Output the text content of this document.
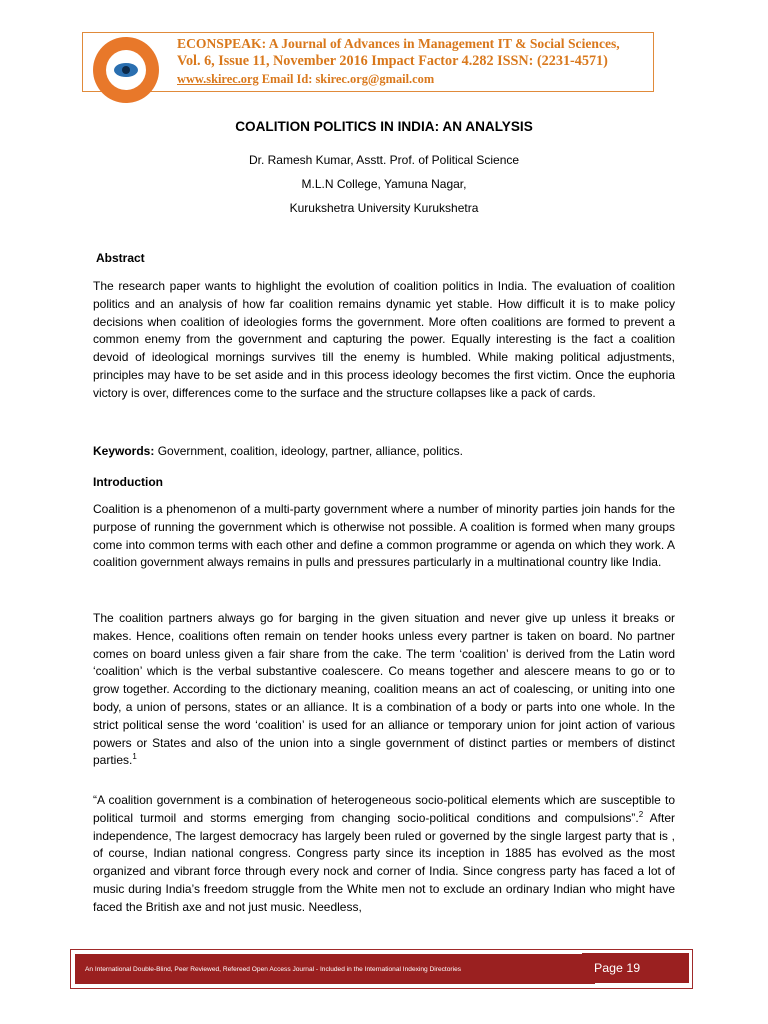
ECONSPEAK: A Journal of Advances in Management IT & Social Sciences,
Vol. 6, Issue 11, November 2016 Impact Factor 4.282 ISSN: (2231-4571)
www.skirec.org Email Id: skirec.org@gmail.com
COALITION POLITICS IN INDIA: AN ANALYSIS
Dr. Ramesh Kumar, Asstt. Prof. of Political Science
M.L.N College, Yamuna Nagar,
Kurukshetra University Kurukshetra
Abstract

The research paper wants to highlight the evolution of coalition politics in India. The evaluation of coalition politics and an analysis of how far coalition remains dynamic yet stable. How difficult it is to make policy decisions when coalition of ideologies forms the government. More often coalitions are formed to prevent a common enemy from the government and capturing the power. Equally interesting is the fact a coalition devoid of ideological mornings survives till the enemy is humbled. While making political adjustments, principles may have to be set aside and in this process ideology becomes the first victim. Once the euphoria victory is over, differences come to the surface and the structure collapses like a pack of cards.

Keywords: Government, coalition, ideology, partner, alliance, politics.
Introduction

Coalition is a phenomenon of a multi-party government where a number of minority parties join hands for the purpose of running the government which is otherwise not possible. A coalition is formed when many groups come into common terms with each other and define a common programme or agenda on which they work. A coalition government always remains in pulls and pressures particularly in a multinational country like India.

The coalition partners always go for barging in the given situation and never give up unless it breaks or makes. Hence, coalitions often remain on tender hooks unless every partner is taken on board. No partner comes on board unless given a fair share from the cake. The term ‘coalition’ is derived from the Latin word ‘coalition’ which is the verbal substantive coalescere. Co means together and alescere means to go or to grow together. According to the dictionary meaning, coalition means an act of coalescing, or uniting into one body, a union of persons, states or an alliance. It is a combination of a body or parts into one whole. In the strict political sense the word ‘coalition’ is used for an alliance or temporary union for joint action of various powers or States and also of the union into a single government of distinct parties or members of distinct parties.$^1$

“A coalition government is a combination of heterogeneous socio-political elements which are susceptible to political turmoil and storms emerging from changing socio-political conditions and compulsions”.$^2$ After independence, The largest democracy has largely been ruled or governed by the single largest party that is , of course, Indian national congress. Congress party since its inception in 1885 has evolved as the most organized and vibrant force through every nock and corner of India. Since congress party has faced a lot of music during India’s freedom struggle from the White men not to exclude an ordinary Indian who might have faced the British axe and not just music. Needless,

An International Double-Blind, Peer Reviewed, Refereed Open Access Journal - Included in the International Indexing Directories	Page 19
